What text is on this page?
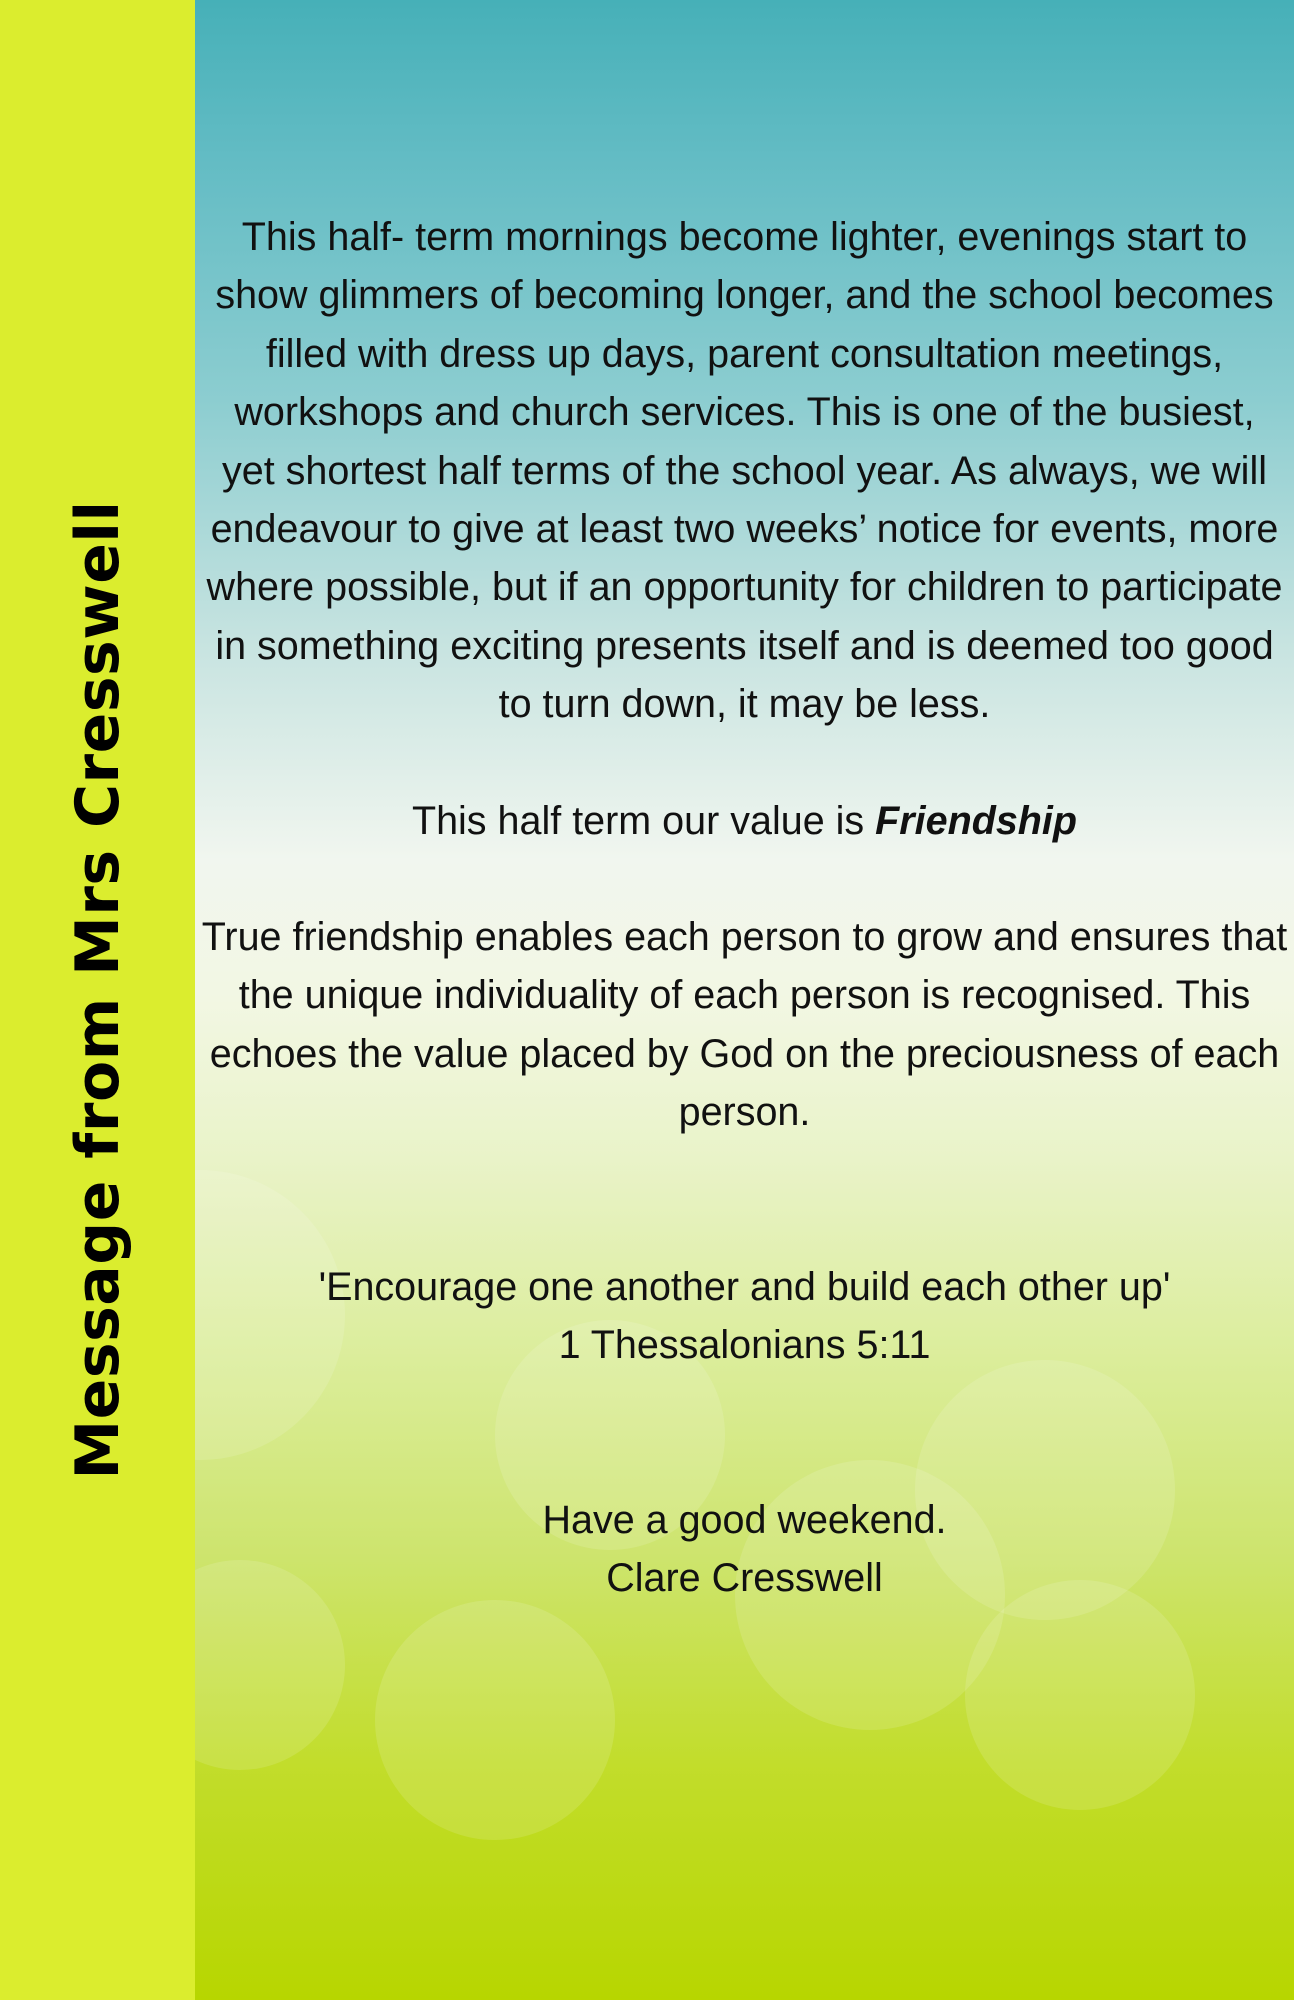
Message from Mrs Cresswell

This half- term mornings become lighter, evenings start to show glimmers of becoming longer, and the school becomes filled with dress up days, parent consultation meetings, workshops and church services. This is one of the busiest, yet shortest half terms of the school year. As always, we will endeavour to give at least two weeks’ notice for events, more where possible, but if an opportunity for children to participate in something exciting presents itself and is deemed too good to turn down, it may be less.

This half term our value is Friendship

True friendship enables each person to grow and ensures that the unique individuality of each person is recognised. This echoes the value placed by God on the preciousness of each person.

'Encourage one another and build each other up'

1 Thessalonians 5:11

Have a good weekend.

Clare Cresswell
